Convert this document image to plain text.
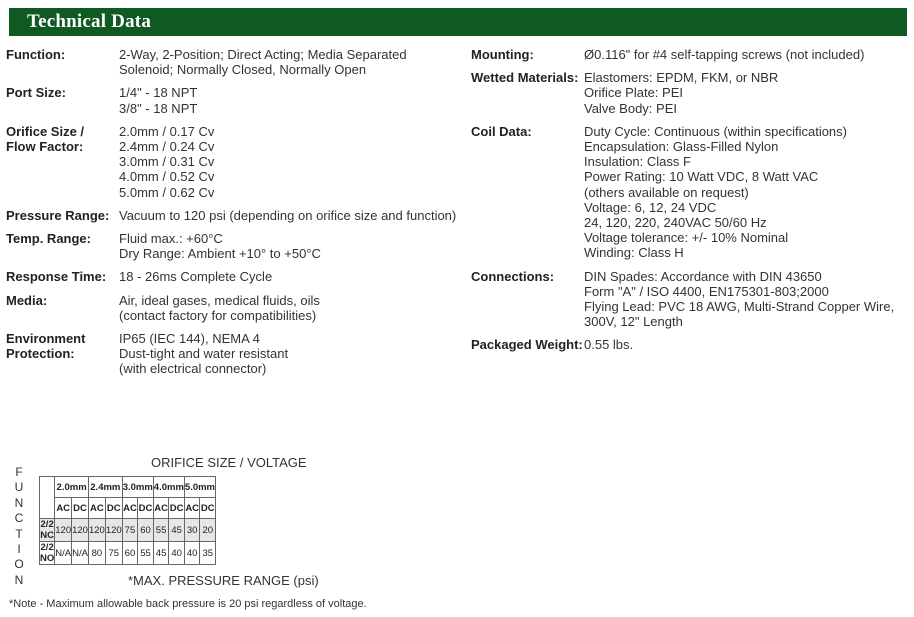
Technical Data
Function:	2-Way, 2-Position; Direct Acting; Media Separated
Solenoid; Normally Closed, Normally Open
Port Size:	1/4" - 18 NPT
3/8" - 18 NPT
Orifice Size /
Flow Factor:
2.0mm / 0.17 Cv
2.4mm / 0.24 Cv
3.0mm / 0.31 Cv
4.0mm / 0.52 Cv
5.0mm / 0.62 Cv
Pressure Range: Vacuum to 120 psi (depending on orifice size and function)
Temp. Range:	Fluid max.: +60°C
Dry Range: Ambient +10° to +50°C
Response Time: 18 - 26ms Complete Cycle
Media:	Air, ideal gases, medical fluids, oils
(contact factory for compatibilities)
Environment
Protection:
IP65 (IEC 144), NEMA 4
Dust-tight and water resistant
(with electrical connector)
Mounting:	Ø0.116" for #4 self-tapping screws (not included)
Wetted Materials: Elastomers: EPDM, FKM, or NBR
Orifice Plate: PEI
Valve Body: PEI
Coil Data:	Duty Cycle: Continuous (within specifications)
Encapsulation: Glass-Filled Nylon
Insulation: Class F
Power Rating: 10 Watt VDC, 8 Watt VAC
(others available on request)
Voltage: 6, 12, 24 VDC
24, 120, 220, 240VAC 50/60 Hz
Voltage tolerance: +/- 10% Nominal
Winding: Class H
Connections:	DIN Spades: Accordance with DIN 43650
Form "A" / ISO 4400, EN175301-803;2000
Flying Lead: PVC 18 AWG, Multi-Strand Copper Wire,
300V, 12" Length
Packaged Weight: 0.55 lbs.
ORIFICE SIZE / VOLTAGE
F
U
N
C
T
I
O
N
	2.0mm		2.4mm		3.0mm		4.0mm		5.0mm	
	AC	DC	AC	DC	AC	DC	AC	DC	AC	DC
2/2 NC	120	120	120	120	75	60	55	45	30	20
2/2 NO	N/A	N/A	80	75	60	55	45	40	40	35
*MAX. PRESSURE RANGE (psi)
*Note - Maximum allowable back pressure is 20 psi regardless of voltage.
